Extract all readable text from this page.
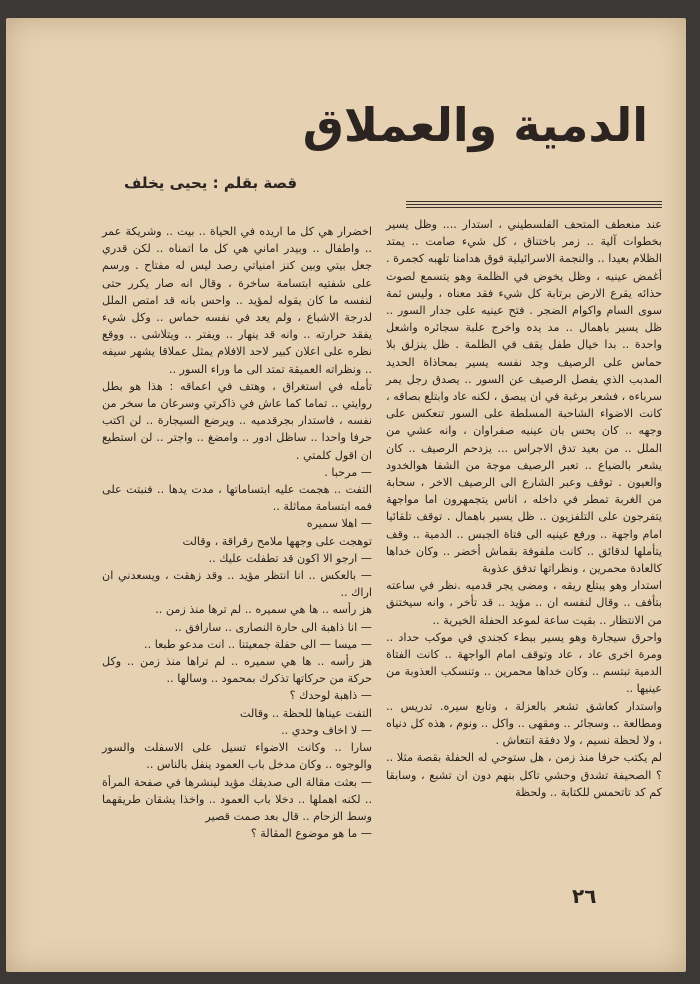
الدمية والعملاق
قصة بقلم : يحيى يخلف

عند منعطف المتحف الفلسطيني ، استدار .... وظل يسير بخطوات آلية .. زمر باختناق ، كل شيء صامت .. يمتد الظلام بعيدا .. والنجمة الاسرائيلية فوق هدامنا تلهبه كجمرة . أغمض عينيه ، وظل يخوض في الظلمة وهو يتسمع لصوت حذائه يقرع الارض برتابة كل شيء فقد معناه ، وليس ثمة سوى السام واكوام الضجر . فتح عينيه على جدار السور .. ظل يسير باهمال .. مد يده واخرج علبة سجائره واشعل واحدة .. بدا خيال طفل يقف في الظلمة . ظل ينزلق بلا حماس على الرصيف وجد نفسه يسير بمحاذاة الحديد المدبب الذي يفصل الرصيف عن السور .. يصدق رجل يمر سرباءه ، فشعر برغبة في ان يبصق ، لكنه عاد وابتلع بصاقه ، كانت الاضواء الشاحبة المسلطة على السور تنعكس على وجهه .. كان يحس بان عينيه صفراوان ، وانه عشي من الملل .. من بعيد تدق الاجراس ... يزدحم الرصيف .. كان يشعر بالضياع .. تعبر الرصيف موجة من الشفا هوالخدود والعيون . توقف وعبر الشارع الى الرصيف الاخر ، سحابة من الغربة تمطر في داخله ، اناس يتجمهرون اما مواجهة يتفرجون على التلفزيون .. ظل يسير باهمال . توقف تلقائيا امام واجهة .. ورفع عينيه الى فتاة الجبس .. الدمية .. وقف يتأملها لدقائق .. كانت ملفوفة بقماش أخضر .. وكان خداها كالعادة محمرين ، ونظراتها تدفق عذوبة

استدار وهو يبتلع ريقه ، ومضى يجر قدميه .نظر في ساعته بتأفف .. وقال لنفسه ان .. مؤيد .. قد تأخر ، وانه سيختنق من الانتظار .. بقيت ساعة لموعد الحفلة الخيرية ..

واحرق سيجارة وهو يسير ببطء كجندي في موكب حداد .. ومرة اخرى عاد ، عاد وتوقف امام الواجهة .. كانت الفتاة الدمية تبتسم .. وكان خداها محمرين .. وتنسكب العذوبة من عينيها ..

واستدار كعاشق تشعر بالعزلة ، وتابع سيره. تدريس .. ومطالعة .. وسجائر .. ومقهى .. واكل .. ونوم ، هذه كل دنياه ، ولا لحظة نسيم ، ولا دفقة انتعاش .

لم يكتب حرفا منذ زمن ، هل ستوحي له الحفلة بقصة مثلا .. ؟ الصحيفة تشدق وحشي تاكل بنهم دون ان تشبع ، وسابقا كم كد تاتحمس للكتابة .. ولحظة

اخضرار هي كل ما اريده في الحياة .. بيت .. وشريكة عمر .. واطفال .. وبيدر اماني هي كل ما اتمناه .. لكن قدري جعل بيتي وبين كنز امنياتي رصد ليس له مفتاح . ورسم على شفتيه ابتسامة ساخرة ، وقال انه صار يكرر حتى لنفسه ما كان يقوله لمؤيد .. واحس بانه قد امتص الملل لدرجة الاشباع ، ولم يعد في نفسه حماس .. وكل شيء يفقد حرارته .. وانه قد ينهار .. ويفتر .. ويتلاشى .. ووقع نظره على اعلان كبير لاحد الافلام يمثل عملاقا يشهر سيفه .. ونظراته العميقة تمتد الى ما وراء السور ..

تأمله في استغراق ، وهتف في اعماقه : هذا هو بطل روايتي .. تماما كما عاش في ذاكرتي وسرعان ما سخر من نفسه ، فاستدار بجرقدميه .. ويرضع السيجارة .. لن اكتب حرفا واحدا .. ساظل ادور .. وامضغ .. واجتر .. لن استطيع ان اقول كلمتي .

— مرحبا .

التفت .. هجمت عليه ابتساماتها ، مدت يدها .. فنبتت على فمه ابتسامة مماثلة ..

— اهلا سميره

توهجت على وجهها ملامح رقراقة ، وقالت

— ارجو الا اكون قد تطفلت عليك ..

— بالعكس .. انا انتظر مؤيد .. وقد زهقت ، ويسعدني ان اراك ..

هز رأسه .. ها هي سميره .. لم ترها منذ زمن ..

— انا ذاهبة الى حارة النصارى .. سارافق ..

— ميسا — الى حفلة جمعيتنا .. انت مدعو طبعا ..

هز رأسه .. ها هي سميره .. لم تراها منذ زمن .. وكل حركة من حركاتها تذكرك بمحمود .. وسالها ..

— ذاهبة لوحدك ؟

التفت عيناها للحظة .. وقالت

— لا اخاف وحدي ..

سارا .. وكانت الاضواء تسيل على الاسفلت والسور والوجوه .. وكان مدخل باب العمود ينفل بالناس ..

— بعثت مقالة الى صديقك مؤيد لينشرها في صفحة المرأة .. لكنه اهملها .. دخلا باب العمود .. واخذا يشقان طريقهما وسط الزحام .. قال بعد صمت قصير

— ما هو موضوع المقالة ؟

٢٦
